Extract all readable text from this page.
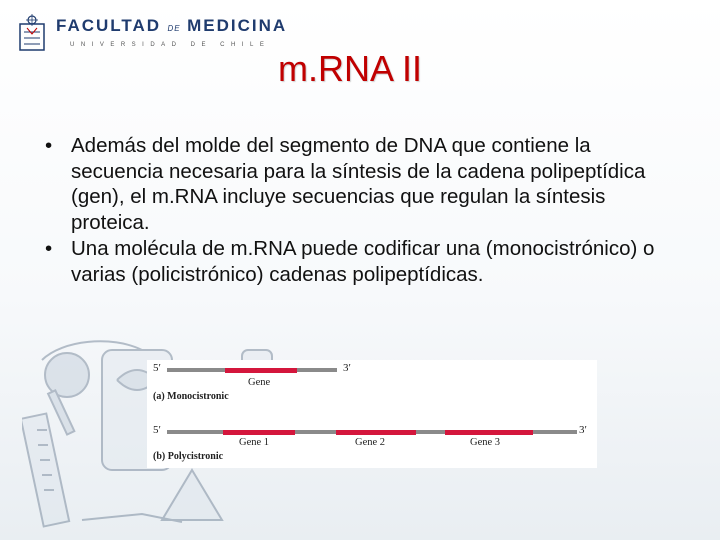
FACULTAD DE MEDICINA
UNIVERSIDAD DE CHILE
m.RNA II
• Además del molde del segmento de DNA que contiene la secuencia necesaria para la síntesis de la cadena polipeptídica (gen), el m.RNA incluye secuencias que regulan la síntesis proteica.
• Una molécula de m.RNA puede codificar una (monocistrónico) o varias (policistrónico) cadenas polipeptídicas.
5′	3′
Gene
(a) Monocistronic
5′	3′
Gene 1	Gene 2	Gene 3
(b) Polycistronic
